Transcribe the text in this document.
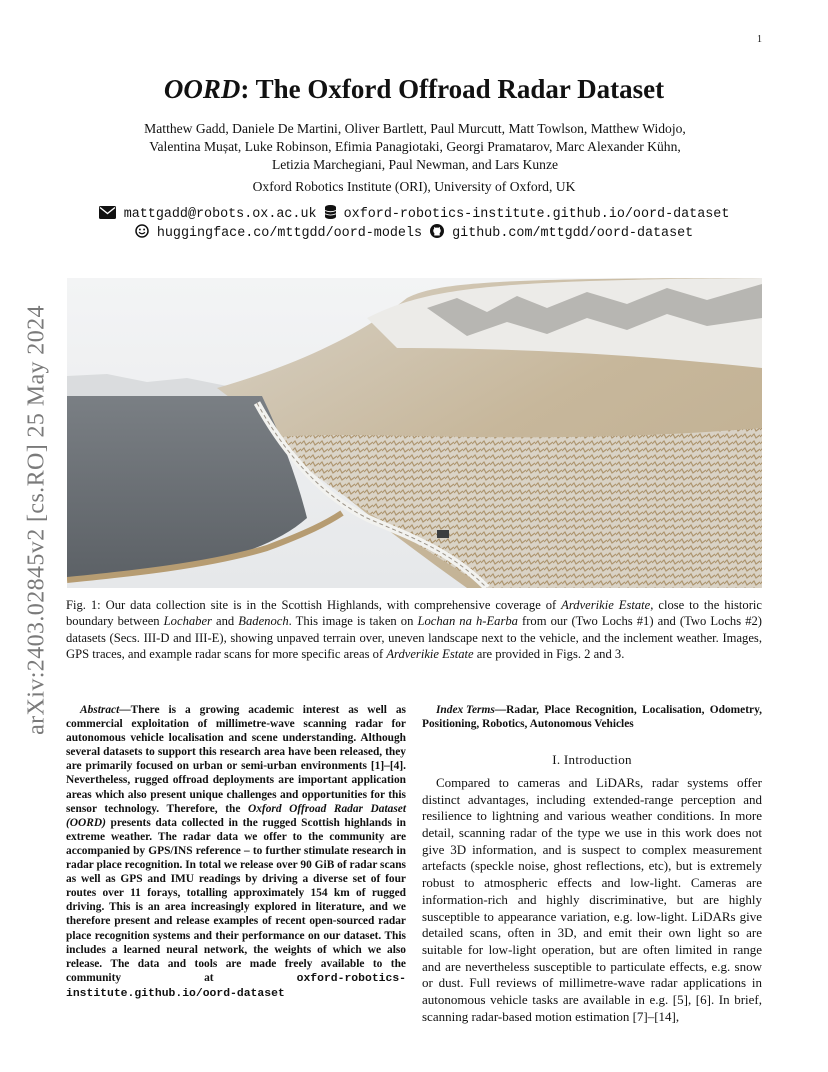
1
arXiv:2403.02845v2 [cs.RO] 25 May 2024
OORD: The Oxford Offroad Radar Dataset
Matthew Gadd, Daniele De Martini, Oliver Bartlett, Paul Murcutt, Matt Towlson, Matthew Widojo,
Valentina Mușat, Luke Robinson, Efimia Panagiotaki, Georgi Pramatarov, Marc Alexander Kühn,
Letizia Marchegiani, Paul Newman, and Lars Kunze
Oxford Robotics Institute (ORI), University of Oxford, UK
mattgadd@robots.ox.ac.uk oxford-robotics-institute.github.io/oord-dataset
huggingface.co/mttgdd/oord-models github.com/mttgdd/oord-dataset
Fig. 1: Our data collection site is in the Scottish Highlands, with comprehensive coverage of Ardverikie Estate, close to the historic boundary between Lochaber and Badenoch. This image is taken on Lochan na h-Earba from our (Two Lochs #1) and (Two Lochs #2) datasets (Secs. III-D and III-E), showing unpaved terrain over, uneven landscape next to the vehicle, and the inclement weather. Images, GPS traces, and example radar scans for more specific areas of Ardverikie Estate are provided in Figs. 2 and 3.
Abstract—There is a growing academic interest as well as commercial exploitation of millimetre-wave scanning radar for autonomous vehicle localisation and scene understanding. Although several datasets to support this research area have been released, they are primarily focused on urban or semi-urban environments [1]–[4]. Nevertheless, rugged offroad deployments are important application areas which also present unique challenges and opportunities for this sensor technology. Therefore, the Oxford Offroad Radar Dataset (OORD) presents data collected in the rugged Scottish highlands in extreme weather. The radar data we offer to the community are accompanied by GPS/INS reference – to further stimulate research in radar place recognition. In total we release over 90 GiB of radar scans as well as GPS and IMU readings by driving a diverse set of four routes over 11 forays, totalling approximately 154 km of rugged driving. This is an area increasingly explored in literature, and we therefore present and release examples of recent open-sourced radar place recognition systems and their performance on our dataset. This includes a learned neural network, the weights of which we also release. The data and tools are made freely available to the community at oxford-robotics-institute.github.io/oord-dataset
Index Terms—Radar, Place Recognition, Localisation, Odometry, Positioning, Robotics, Autonomous Vehicles
I. Introduction

Compared to cameras and LiDARs, radar systems offer distinct advantages, including extended-range perception and resilience to lightning and various weather conditions. In more detail, scanning radar of the type we use in this work does not give 3D information, and is suspect to complex measurement artefacts (speckle noise, ghost reflections, etc), but is extremely robust to atmospheric effects and low-light. Cameras are information-rich and highly discriminative, but are highly susceptible to appearance variation, e.g. low-light. LiDARs give detailed scans, often in 3D, and emit their own light so are suitable for low-light operation, but are often limited in range and are nevertheless susceptible to particulate effects, e.g. snow or dust. Full reviews of millimetre-wave radar applications in autonomous vehicle tasks are available in e.g. [5], [6]. In brief, scanning radar-based motion estimation [7]–[14],
